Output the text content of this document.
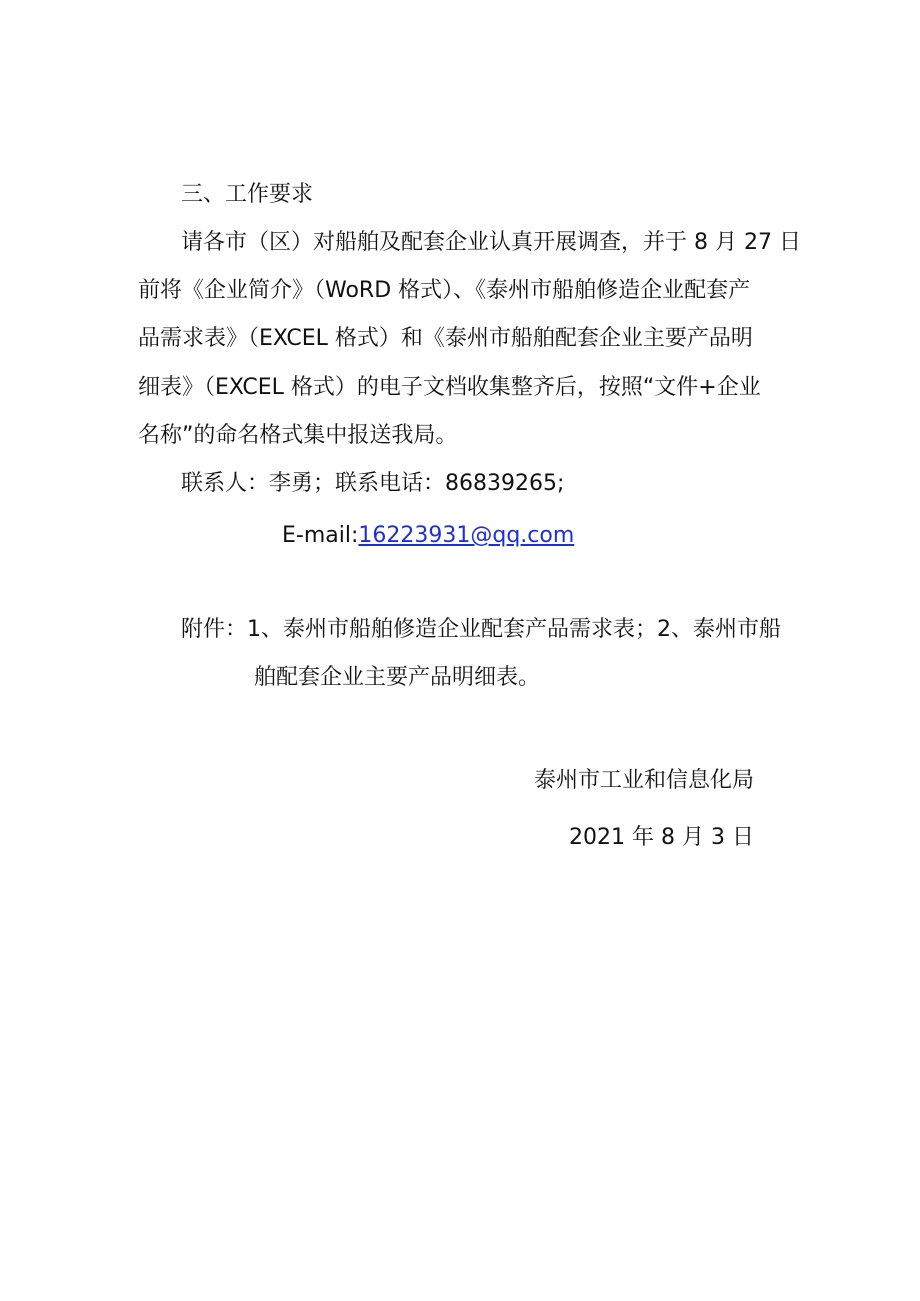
三、工作要求
请各市（区）对船舶及配套企业认真开展调查，并于 8 月 27 日
前将《企业简介》（WoRD 格式）、《泰州市船舶修造企业配套产
品需求表》（EXCEL 格式）和《泰州市船舶配套企业主要产品明
细表》（EXCEL 格式）的电子文档收集整齐后，按照“文件+企业
名称”的命名格式集中报送我局。
联系人：李勇；联系电话：86839265;
E-mail:16223931@qq.com
附件：1、泰州市船舶修造企业配套产品需求表；2、泰州市船
舶配套企业主要产品明细表。
泰州市工业和信息化局
2021 年 8 月 3 日
